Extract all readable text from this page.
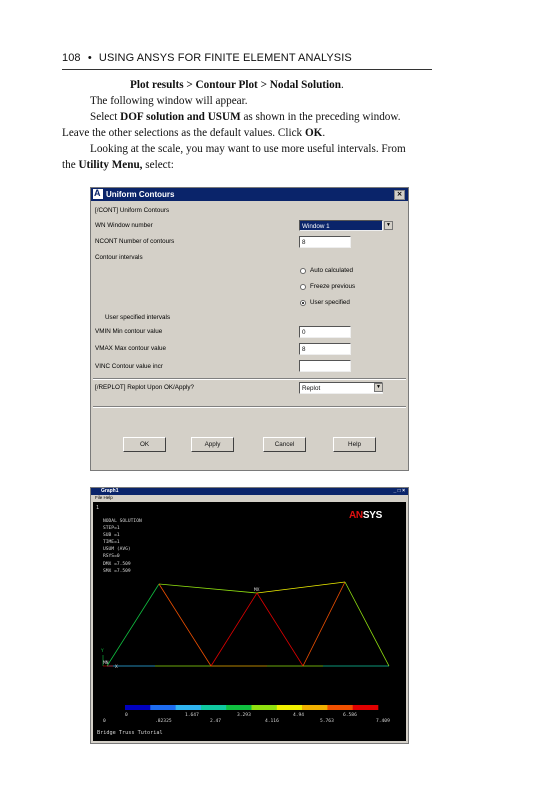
108 • USING ANSYS FOR FINITE ELEMENT ANALYSIS
Plot results > Contour Plot > Nodal Solution.
The following window will appear.
Select DOF solution and USUM as shown in the preceding window.
Leave the other selections as the default values. Click OK.
Looking at the scale, you may want to use more useful intervals. From
the Utility Menu, select:
AUniform Contours	×
[/CONT] Uniform Contours
WN Window number	Window 1	▼
NCONT Number of contours	8
Contour intervals
Auto calculated
Freeze previous
User specified
User specified intervals
VMIN Min contour value	0
VMAX Max contour value	8
VINC Contour value incr
[/REPLOT] Replot Upon OK/Apply?	Replot	▼
OK	Apply	Cancel	Help
Graph1	_ □ ×
File Help
1
NODAL SOLUTION
STEP=1
SUB =1
TIME=1
USUM (AVG)
RSYS=0
DMX =7.509
SMX =7.509
ANSYS
MX
MN
X
Y
0	1.647	3.293	4.94	6.586
0	.82325	2.47	4.116	5.763	7.409
Bridge Truss Tutorial
